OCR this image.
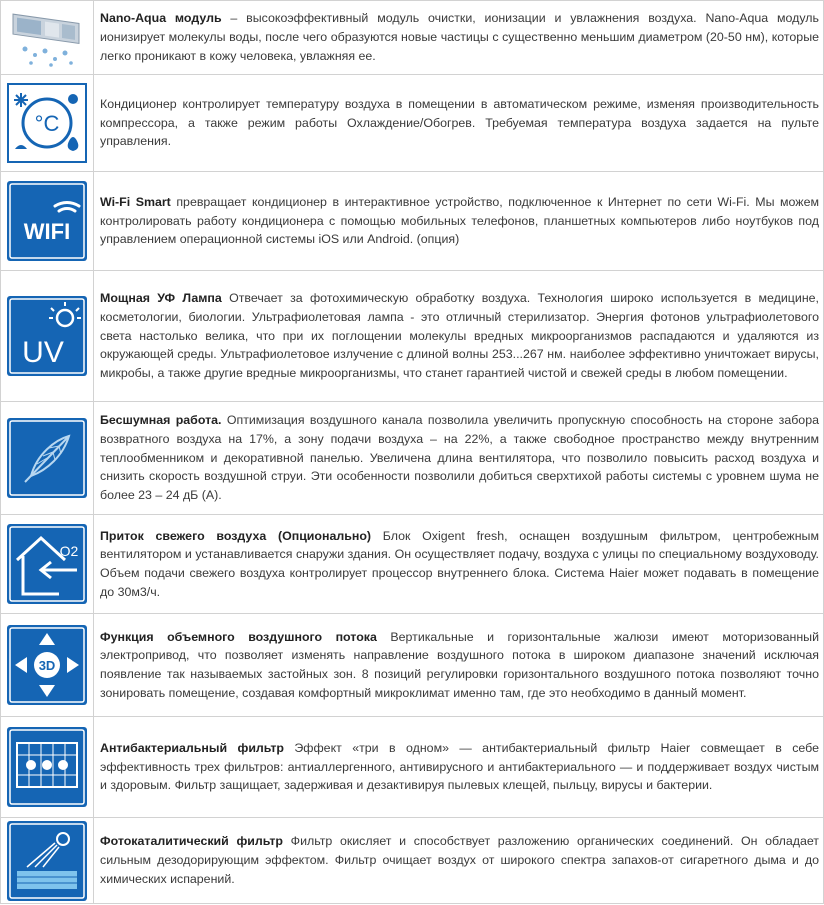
	Nano-Aqua модуль – высокоэффективный модуль очистки, ионизации и увлажнения воздуха. Nano-Aqua модуль ионизирует молекулы воды, после чего образуются новые частицы с существенно меньшим диаметром (20-50 нм), которые легко проникают в кожу человека, увлажняя ее.

°C	Кондиционер контролирует температуру воздуха в помещении в автоматическом режиме, изменяя производительность компрессора, а также режим работы Охлаждение/Обогрев. Требуемая температура воздуха задается на пульте управления.

WIFI	Wi-Fi Smart превращает кондиционер в интерактивное устройство, подключенное к Интернет по сети Wi-Fi. Мы можем контролировать работу кондиционера с помощью мобильных телефонов, планшетных компьютеров либо ноутбуков под управлением операционной системы iOS или Android. (опция)

UV	Мощная УФ Лампа Отвечает за фотохимическую обработку воздуха. Технология широко используется в медицине, косметологии, биологии. Ультрафиолетовая лампа - это отличный стерилизатор. Энергия фотонов ультрафиолетового света настолько велика, что при их поглощении молекулы вредных микроорганизмов распадаются и удаляются из окружающей среды. Ультрафиолетовое излучение с длиной волны 253...267 нм. наиболее эффективно уничтожает вирусы, микробы, а также другие вредные микроорганизмы, что станет гарантией чистой и свежей среды в любом помещении.

	Бесшумная работа. Оптимизация воздушного канала позволила увеличить пропускную способность на стороне забора возвратного воздуха на 17%, а зону подачи воздуха – на 22%, а также свободное пространство между внутренним теплообменником и декоративной панелью. Увеличена длина вентилятора, что позволило повысить расход воздуха и снизить скорость воздушной струи. Эти особенности позволили добиться сверхтихой работы системы с уровнем шума не более 23 – 24 дБ (А).

O2	Приток свежего воздуха (Опционально) Блок Oxigent fresh, оснащен воздушным фильтром, центробежным вентилятором и устанавливается снаружи здания. Он осуществляет подачу, воздуха с улицы по специальному воздуховоду. Объем подачи свежего воздуха контролирует процессор внутреннего блока. Система Haier может подавать в помещение до 30м3/ч.

3D	Функция объемного воздушного потока Вертикальные и горизонтальные жалюзи имеют моторизованный электропривод, что позволяет изменять направление воздушного потока в широком диапазоне значений исключая появление так называемых застойных зон. 8 позиций регулировки горизонтального воздушного потока позволяют точно зонировать помещение, создавая комфортный микроклимат именно там, где это необходимо в данный момент.

	Антибактериальный фильтр Эффект «три в одном» — антибактериальный фильтр Haier совмещает в себе эффективность трех фильтров: антиаллергенного, антивирусного и антибактериального — и поддерживает воздух чистым и здоровым. Фильтр защищает, задерживая и дезактивируя пылевых клещей, пыльцу, вирусы и бактерии.

	Фотокаталитический фильтр Фильтр окисляет и способствует разложению органических соединений. Он обладает сильным дезодорирующим эффектом. Фильтр очищает воздух от широкого спектра запахов-от сигаретного дыма и до химических испарений.
